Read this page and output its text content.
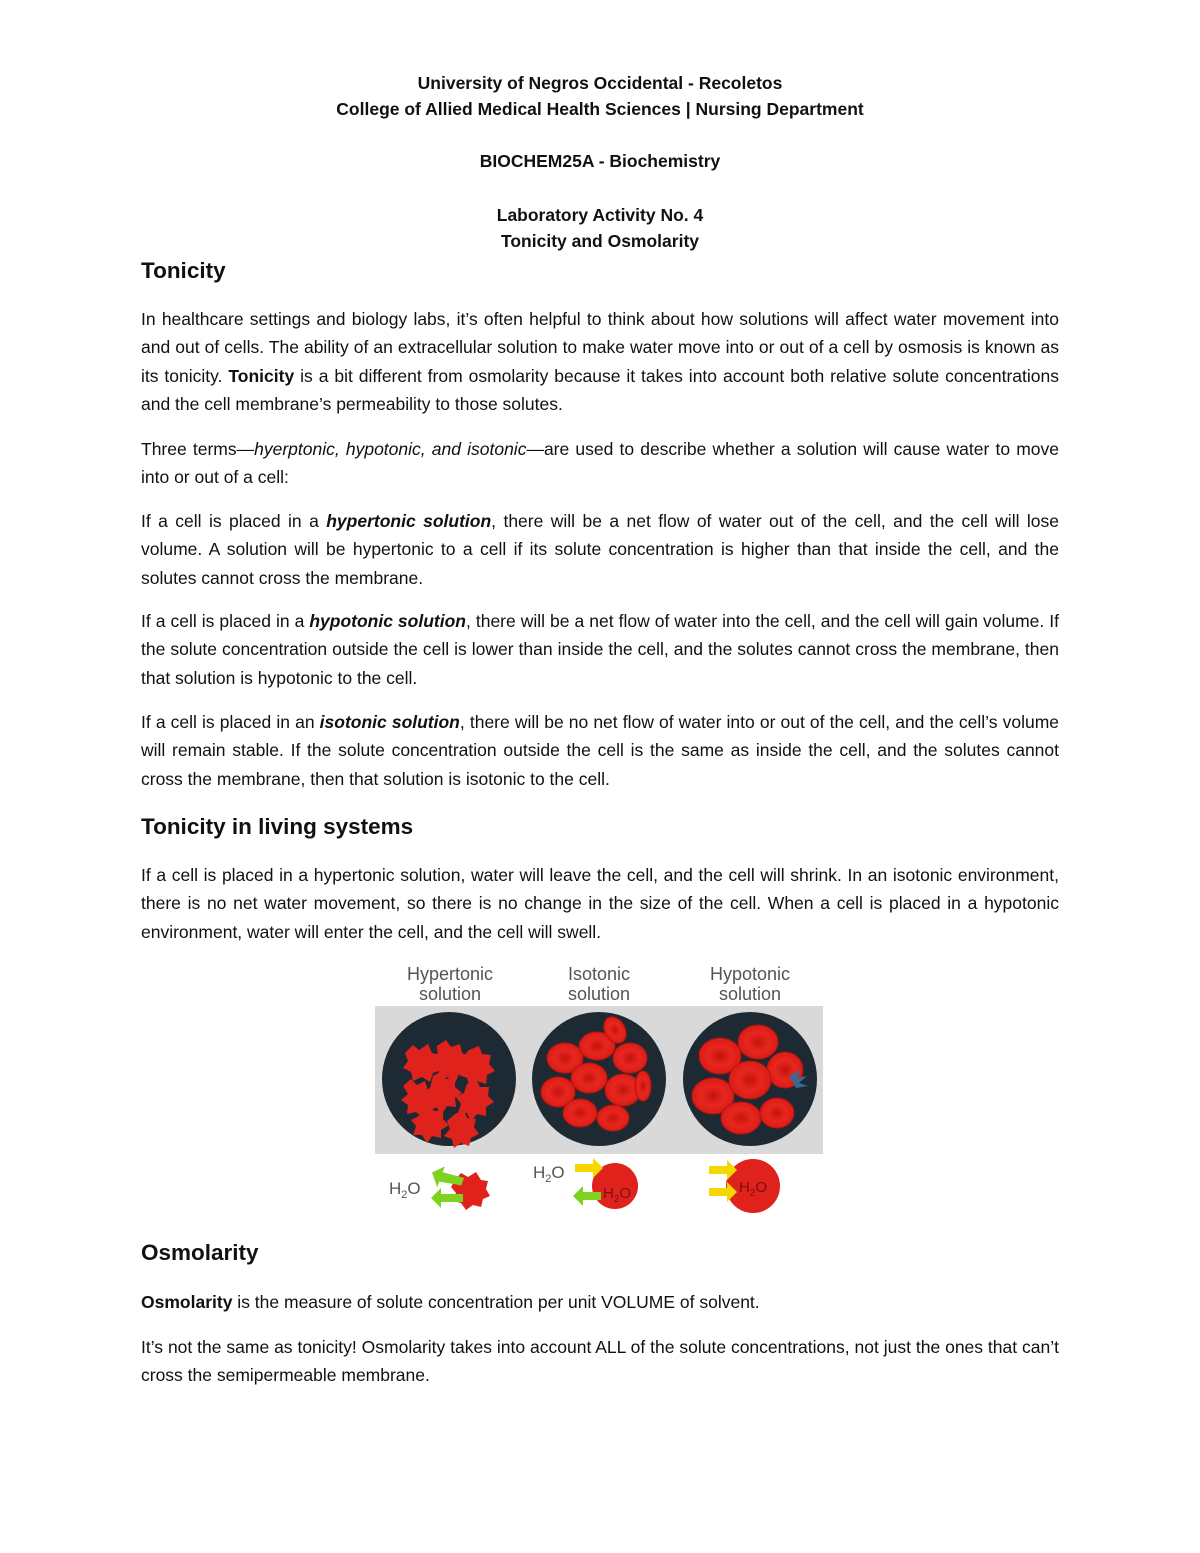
University of Negros Occidental - Recoletos
College of Allied Medical Health Sciences | Nursing Department
BIOCHEM25A - Biochemistry
Laboratory Activity No. 4
Tonicity and Osmolarity
Tonicity

In healthcare settings and biology labs, it’s often helpful to think about how solutions will affect water movement into and out of cells. The ability of an extracellular solution to make water move into or out of a cell by osmosis is known as its tonicity. Tonicity is a bit different from osmolarity because it takes into account both relative solute concentrations and the cell membrane’s permeability to those solutes.

Three terms—hyerptonic, hypotonic, and isotonic—are used to describe whether a solution will cause water to move into or out of a cell:

If a cell is placed in a hypertonic solution, there will be a net flow of water out of the cell, and the cell will lose volume. A solution will be hypertonic to a cell if its solute concentration is higher than that inside the cell, and the solutes cannot cross the membrane.

If a cell is placed in a hypotonic solution, there will be a net flow of water into the cell, and the cell will gain volume. If the solute concentration outside the cell is lower than inside the cell, and the solutes cannot cross the membrane, then that solution is hypotonic to the cell.

If a cell is placed in an isotonic solution, there will be no net flow of water into or out of the cell, and the cell’s volume will remain stable. If the solute concentration outside the cell is the same as inside the cell, and the solutes cannot cross the membrane, then that solution is isotonic to the cell.

Tonicity in living systems

If a cell is placed in a hypertonic solution, water will leave the cell, and the cell will shrink. In an isotonic environment, there is no net water movement, so there is no change in the size of the cell. When a cell is placed in a hypotonic environment, water will enter the cell, and the cell will swell.

Hypertonic
solution
Isotonic
solution
Hypotonic
solution
$H_2O$
$H_2O$
$H_2O$	$H_2O$
Osmolarity

Osmolarity is the measure of solute concentration per unit VOLUME of solvent.

It’s not the same as tonicity! Osmolarity takes into account ALL of the solute concentrations, not just the ones that can’t cross the semipermeable membrane.
